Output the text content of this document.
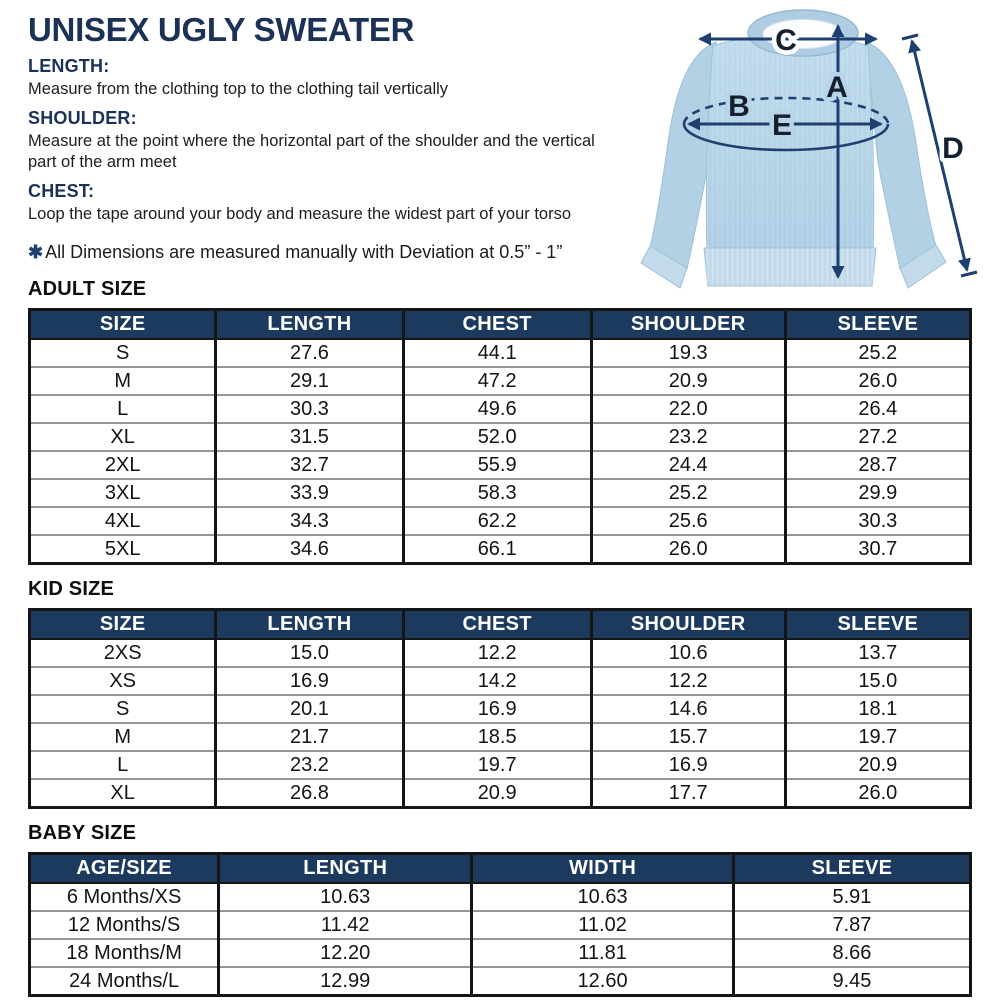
UNISEX UGLY SWEATER
LENGTH:

Measure from the clothing top to the clothing tail vertically

SHOULDER:

Measure at the point where the horizontal part of the shoulder and the vertical part of the arm meet

CHEST:

Loop the tape around your body and measure the widest part of your torso

✱ All Dimensions are measured manually with Deviation at 0.5” - 1”

ADULT SIZE
SIZE	LENGTH	CHEST	SHOULDER	SLEEVE
S	27.6	44.1	19.3	25.2
M	29.1	47.2	20.9	26.0
L	30.3	49.6	22.0	26.4
XL	31.5	52.0	23.2	27.2
2XL	32.7	55.9	24.4	28.7
3XL	33.9	58.3	25.2	29.9
4XL	34.3	62.2	25.6	30.3
5XL	34.6	66.1	26.0	30.7
KID SIZE
SIZE	LENGTH	CHEST	SHOULDER	SLEEVE
2XS	15.0	12.2	10.6	13.7
XS	16.9	14.2	12.2	15.0
S	20.1	16.9	14.6	18.1
M	21.7	18.5	15.7	19.7
L	23.2	19.7	16.9	20.9
XL	26.8	20.9	17.7	26.0
BABY SIZE
AGE/SIZE	LENGTH	WIDTH	SLEEVE
6 Months/XS	10.63	10.63	5.91
12 Months/S	11.42	11.02	7.87
18 Months/M	12.20	11.81	8.66
24 Months/L	12.99	12.60	9.45
C
A
B
E
D
